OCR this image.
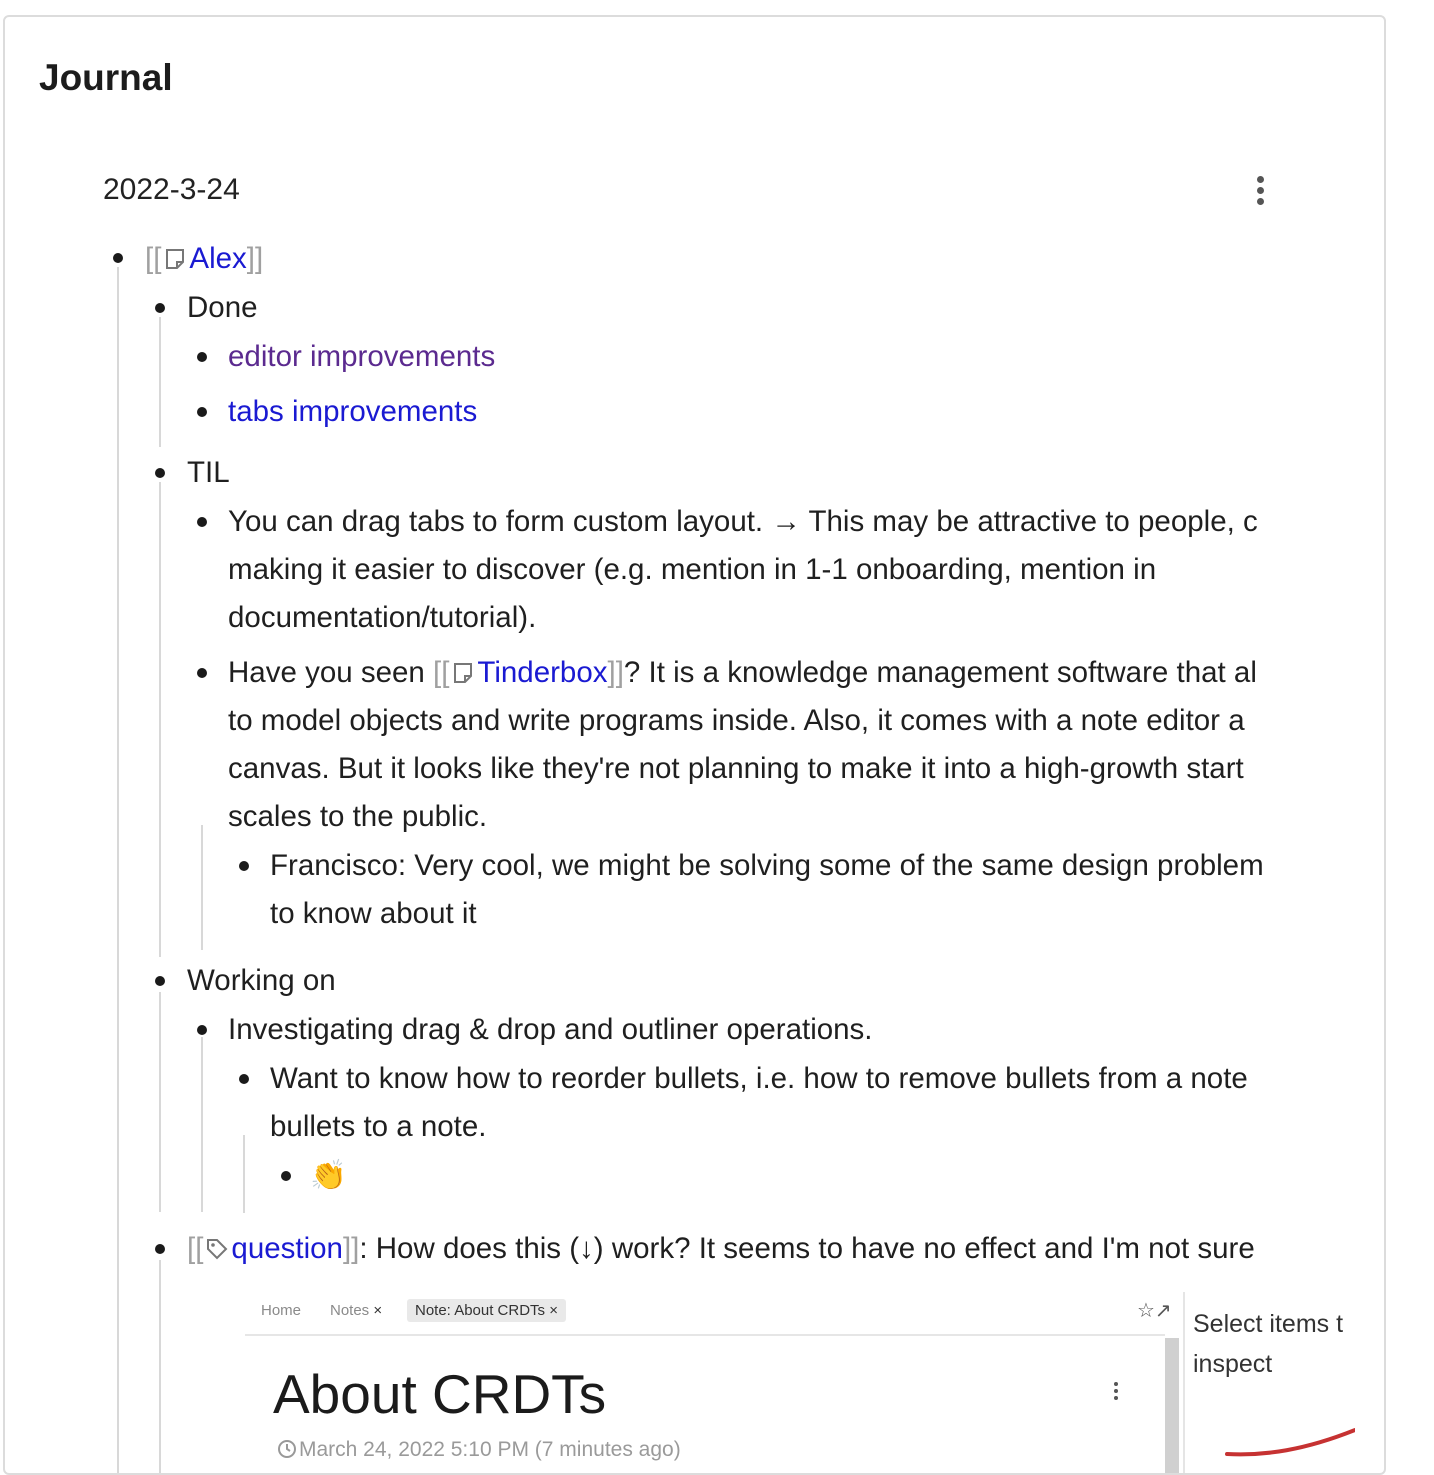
Journal
2022-3-24
[[ Alex]]
Done
editor improvements
tabs improvements
TIL
You can drag tabs to form custom layout. → This may be attractive to people, c
making it easier to discover (e.g. mention in 1-1 onboarding, mention in
documentation/tutorial).
Have you seen [[ Tinderbox]]? It is a knowledge management software that al
to model objects and write programs inside. Also, it comes with a note editor a
canvas. But it looks like they're not planning to make it into a high-growth start
scales to the public.
Francisco: Very cool, we might be solving some of the same design problem
to know about it
Working on
Investigating drag & drop and outliner operations.
Want to know how to reorder bullets, i.e. how to remove bullets from a note
bullets to a note.
👏
[[ question]]: How does this (↓) work? It seems to have no effect and I'm not sure
Home Notes ×	Note: About CRDTs ×	☆↗
About CRDTs
March 24, 2022 5:10 PM (7 minutes ago)
Select items t
inspect
